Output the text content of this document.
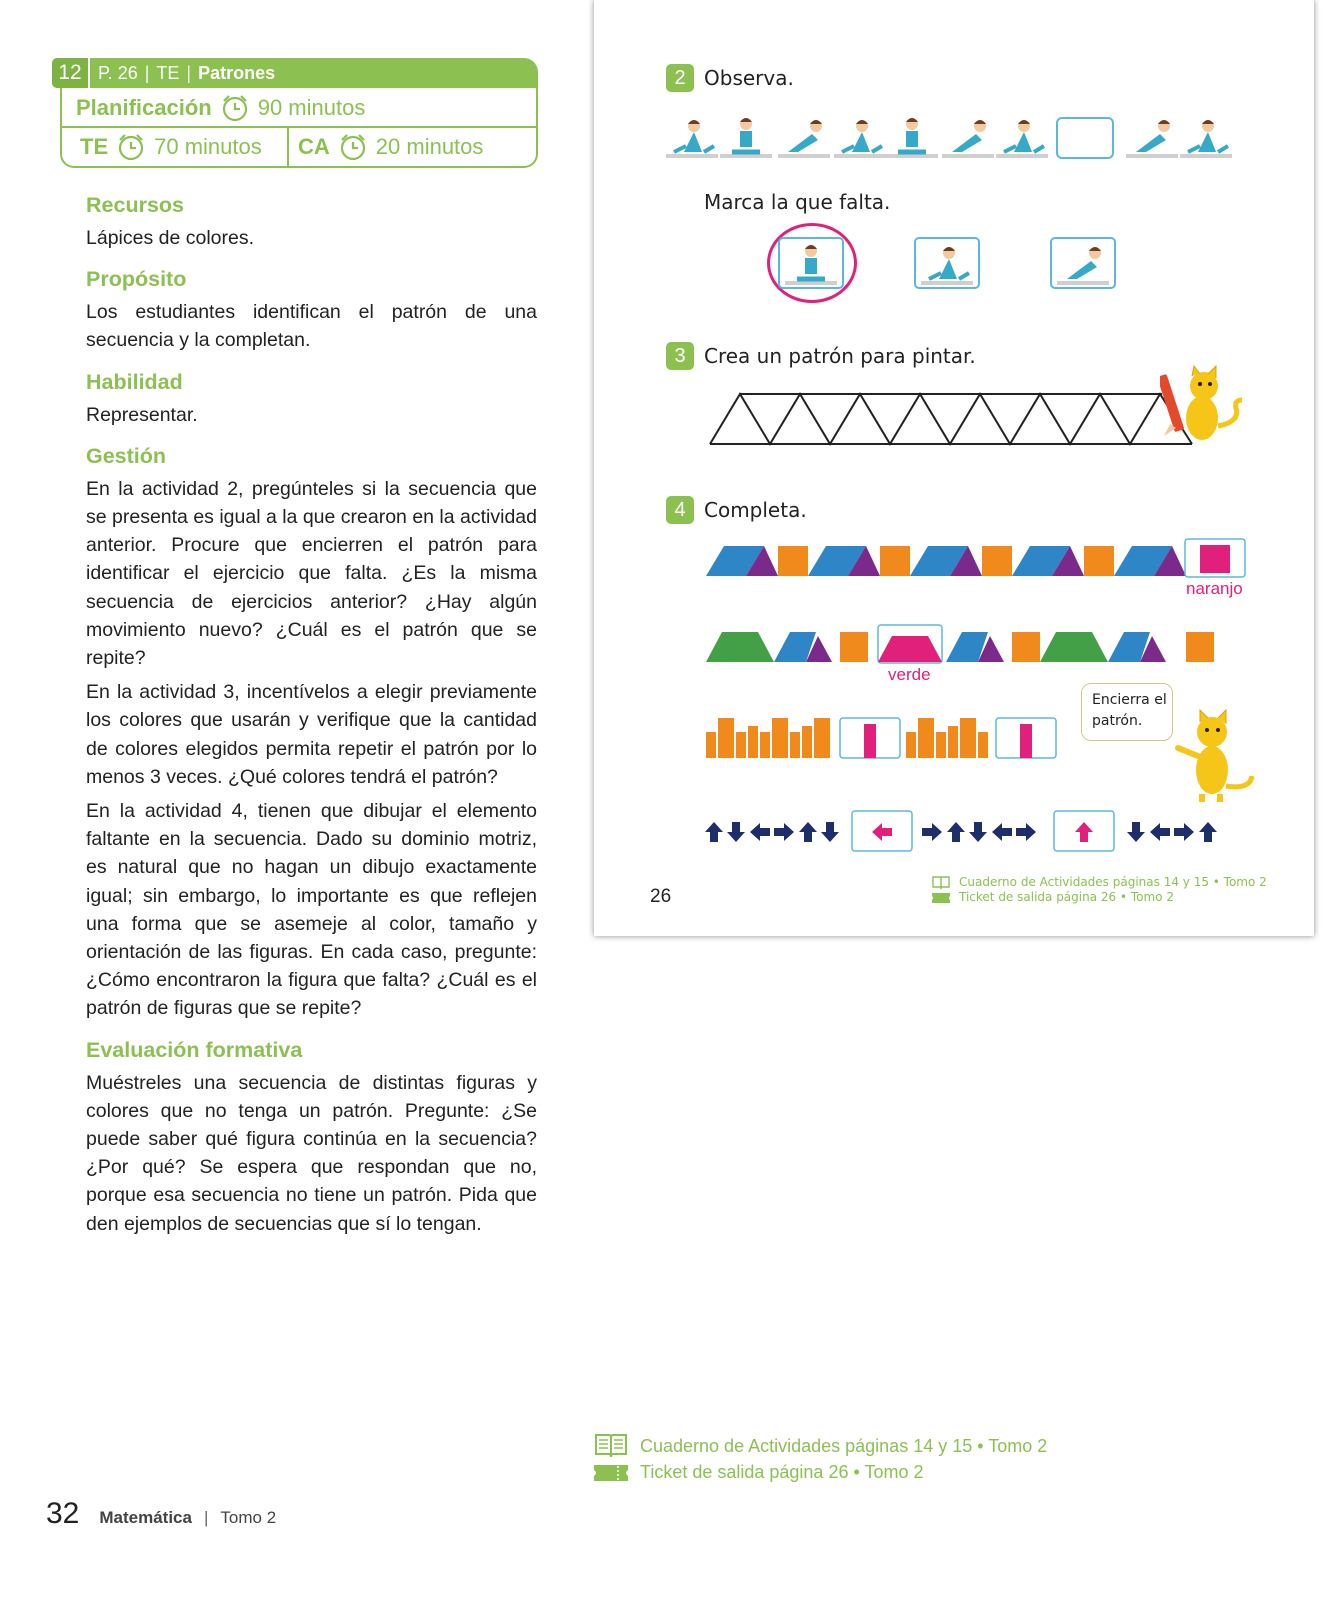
12 P. 26 | TE | Patrones
Planificación 90 minutos
TE 70 minutos CA 20 minutos
Recursos

Lápices de colores.

Propósito

Los estudiantes identifican el patrón de una secuencia y la completan.

Habilidad

Representar.

Gestión

En la actividad 2, pregúnteles si la secuencia que se presenta es igual a la que crearon en la actividad anterior. Procure que encierren el patrón para identificar el ejercicio que falta. ¿Es la misma secuencia de ejercicios anterior? ¿Hay algún movimiento nuevo? ¿Cuál es el patrón que se repite?

En la actividad 3, incentívelos a elegir previamente los colores que usarán y verifique que la cantidad de colores elegidos permita repetir el patrón por lo menos 3 veces. ¿Qué colores tendrá el patrón?

En la actividad 4, tienen que dibujar el elemento faltante en la secuencia. Dado su dominio motriz, es natural que no hagan un dibujo exactamente igual; sin embargo, lo importante es que reflejen una forma que se asemeje al color, tamaño y orientación de las figuras. En cada caso, pregunte: ¿Cómo encontraron la figura que falta? ¿Cuál es el patrón de figuras que se repite?

Evaluación formativa

Muéstreles una secuencia de distintas figuras y colores que no tenga un patrón. Pregunte: ¿Se puede saber qué figura continúa en la secuencia? ¿Por qué? Se espera que respondan que no, porque esa secuencia no tiene un patrón. Pida que den ejemplos de secuencias que sí lo tengan.

2 Observa.
Marca la que falta.
3 Crea un patrón para pintar.
4 Completa.
naranjo
verde
Encierra el patrón.
26
Cuaderno de Actividades páginas 14 y 15 • Tomo 2
Ticket de salida página 26 • Tomo 2
Cuaderno de Actividades páginas 14 y 15 • Tomo 2
Ticket de salida página 26 • Tomo 2
32 Matemática | Tomo 2
